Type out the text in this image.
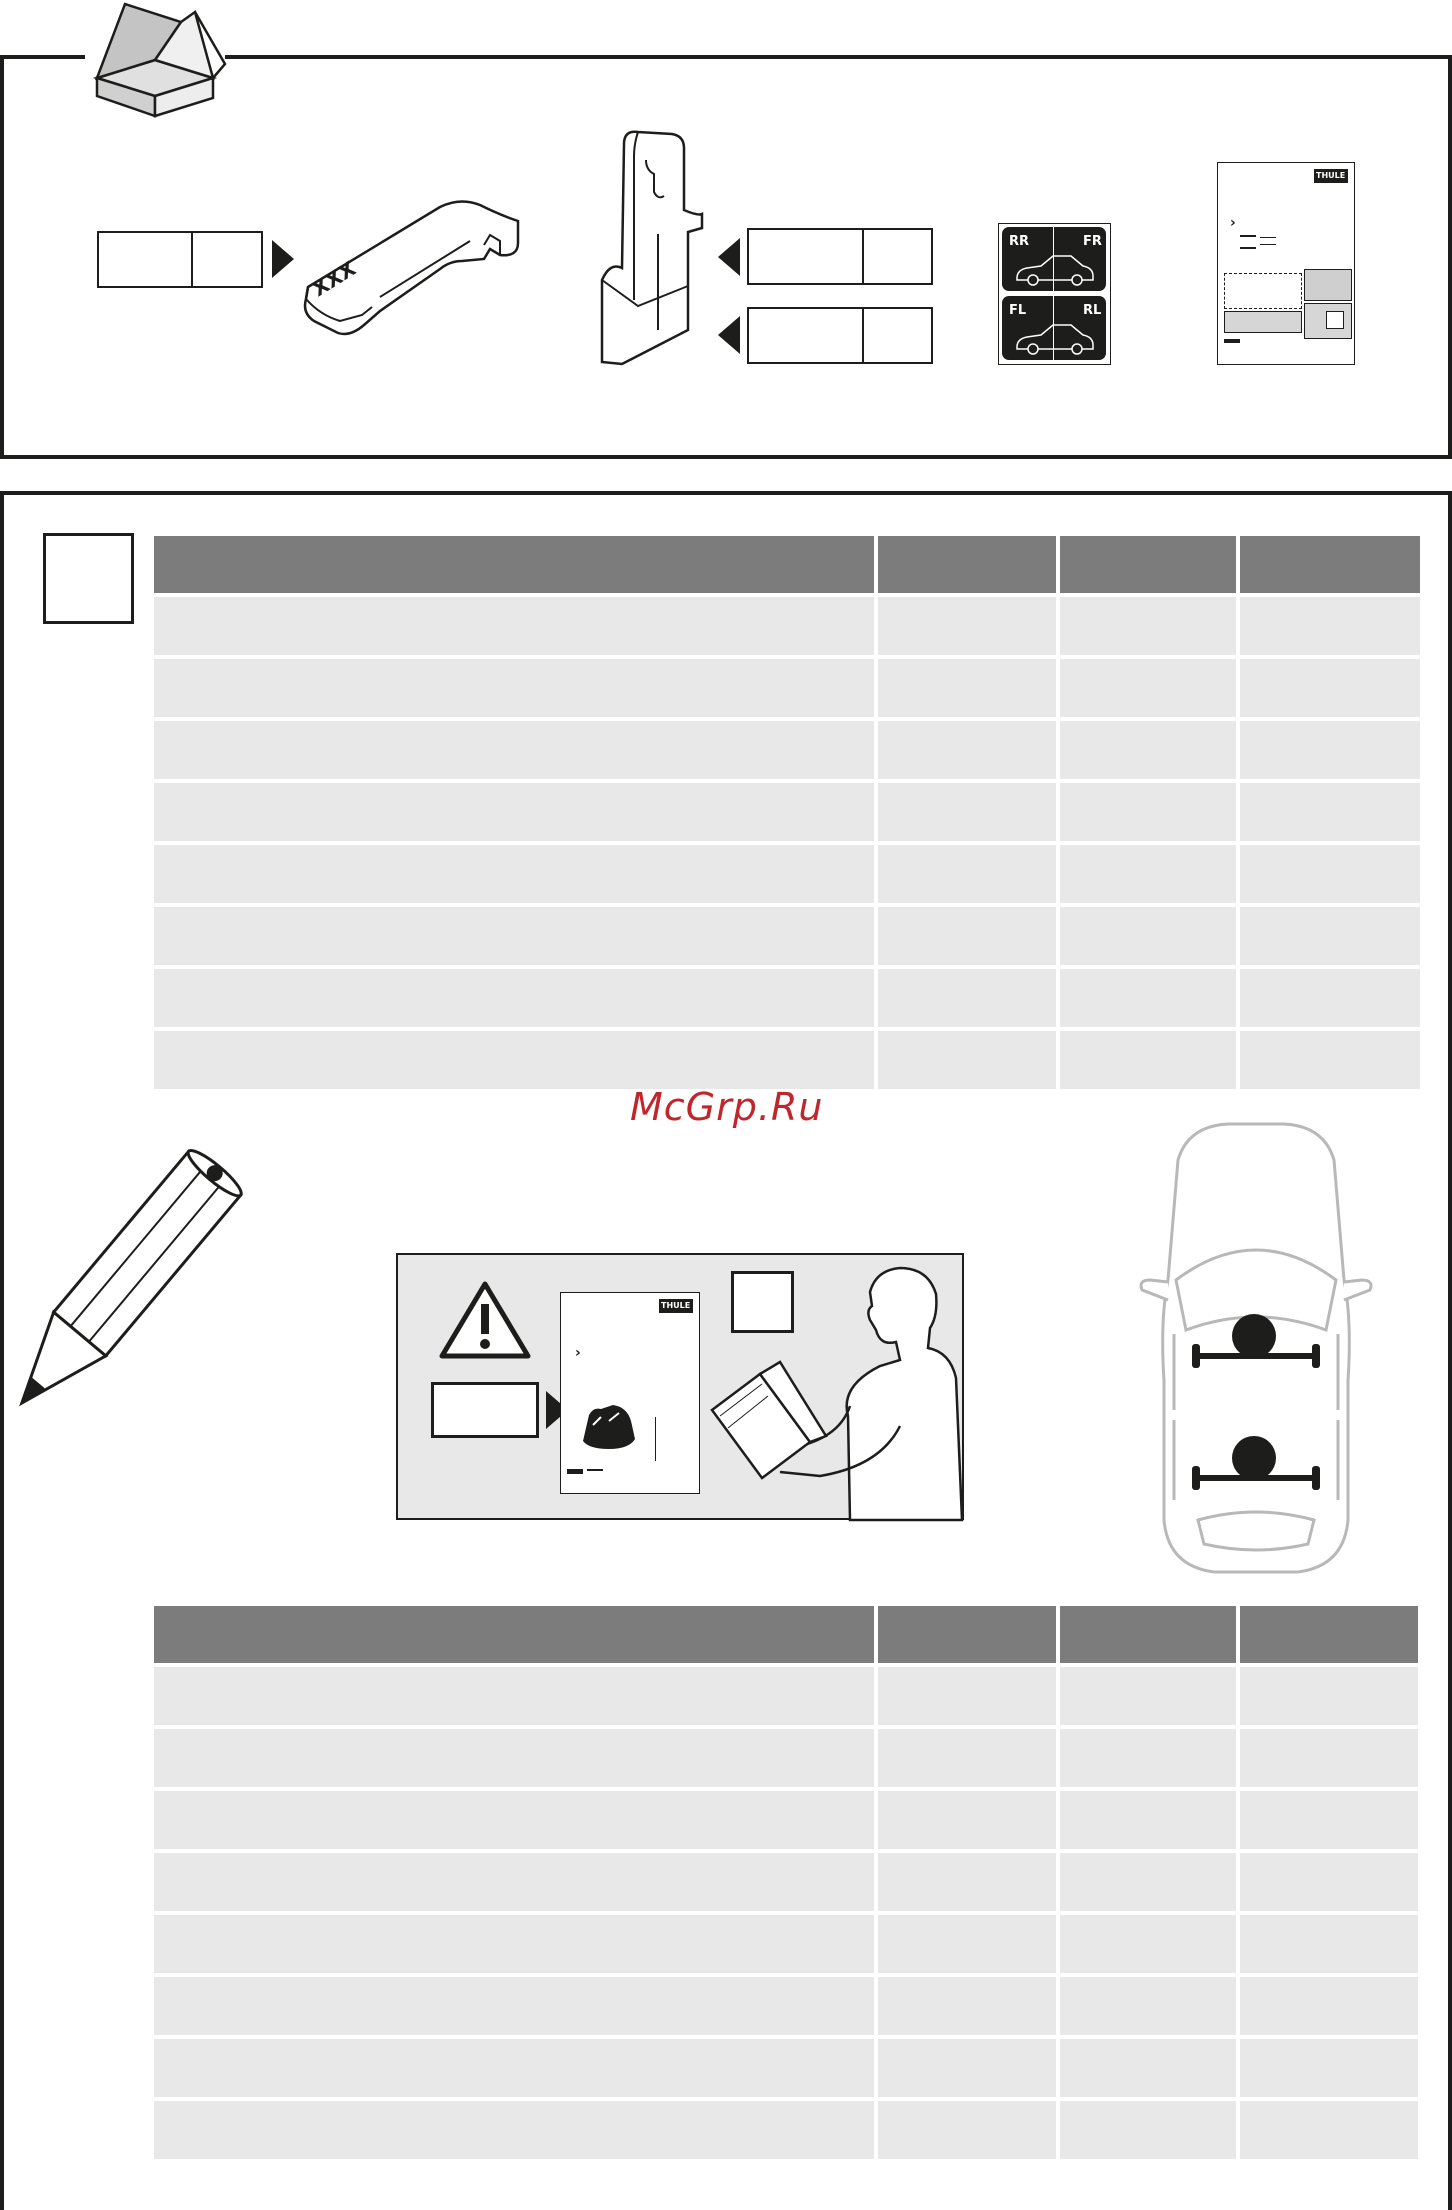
XXX
RR	FR
FL	RL
THULE
›

McGrp.Ru
THULE
›
